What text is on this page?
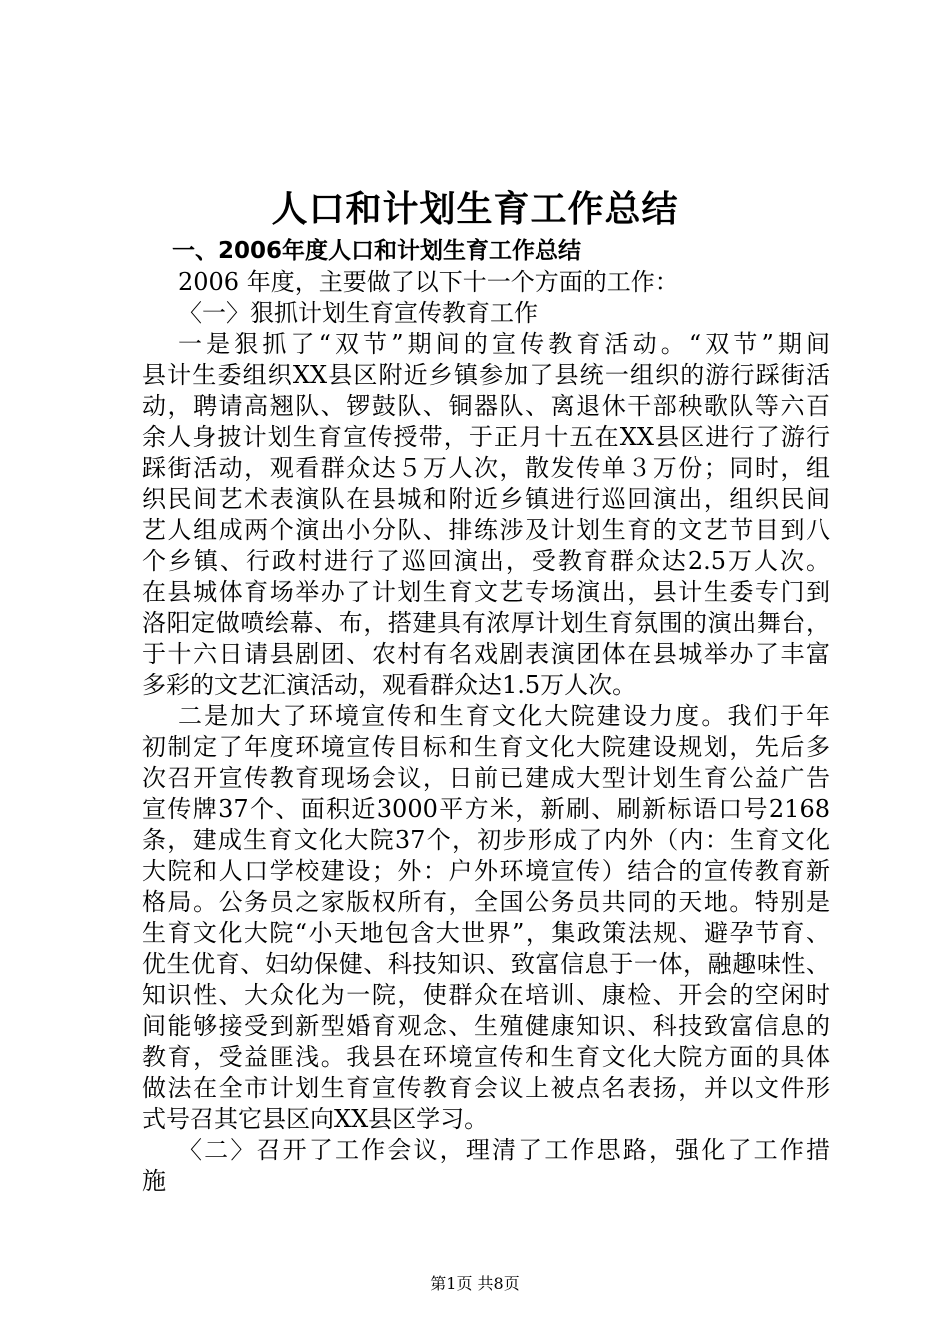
人口和计划生育工作总结
一、2006年度人口和计划生育工作总结
2006 年度，主要做了以下十一个方面的工作：
〈一〉狠抓计划生育宣传教育工作
一是狠抓了“双节”期间的宣传教育活动。“双节”期间
县计生委组织XX县区附近乡镇参加了县统一组织的游行踩街活
动，聘请高翘队、锣鼓队、铜器队、离退休干部秧歌队等六百
余人身披计划生育宣传授带，于正月十五在XX县区进行了游行
踩街活动，观看群众达５万人次，散发传单３万份；同时，组
织民间艺术表演队在县城和附近乡镇进行巡回演出，组织民间
艺人组成两个演出小分队、排练涉及计划生育的文艺节目到八
个乡镇、行政村进行了巡回演出，受教育群众达2.5万人次。
在县城体育场举办了计划生育文艺专场演出，县计生委专门到
洛阳定做喷绘幕、布，搭建具有浓厚计划生育氛围的演出舞台，
于十六日请县剧团、农村有名戏剧表演团体在县城举办了丰富
多彩的文艺汇演活动，观看群众达1.5万人次。
二是加大了环境宣传和生育文化大院建设力度。我们于年
初制定了年度环境宣传目标和生育文化大院建设规划，先后多
次召开宣传教育现场会议，日前已建成大型计划生育公益广告
宣传牌37个、面积近3000平方米，新刷、刷新标语口号2168
条，建成生育文化大院37个，初步形成了内外（内：生育文化
大院和人口学校建设；外：户外环境宣传）结合的宣传教育新
格局。公务员之家版权所有，全国公务员共同的天地。特别是
生育文化大院“小天地包含大世界”，集政策法规、避孕节育、
优生优育、妇幼保健、科技知识、致富信息于一体，融趣味性、
知识性、大众化为一院，使群众在培训、康检、开会的空闲时
间能够接受到新型婚育观念、生殖健康知识、科技致富信息的
教育，受益匪浅。我县在环境宣传和生育文化大院方面的具体
做法在全市计划生育宣传教育会议上被点名表扬，并以文件形
式号召其它县区向XX县区学习。
〈二〉召开了工作会议，理清了工作思路，强化了工作措
施
第1页 共8页
